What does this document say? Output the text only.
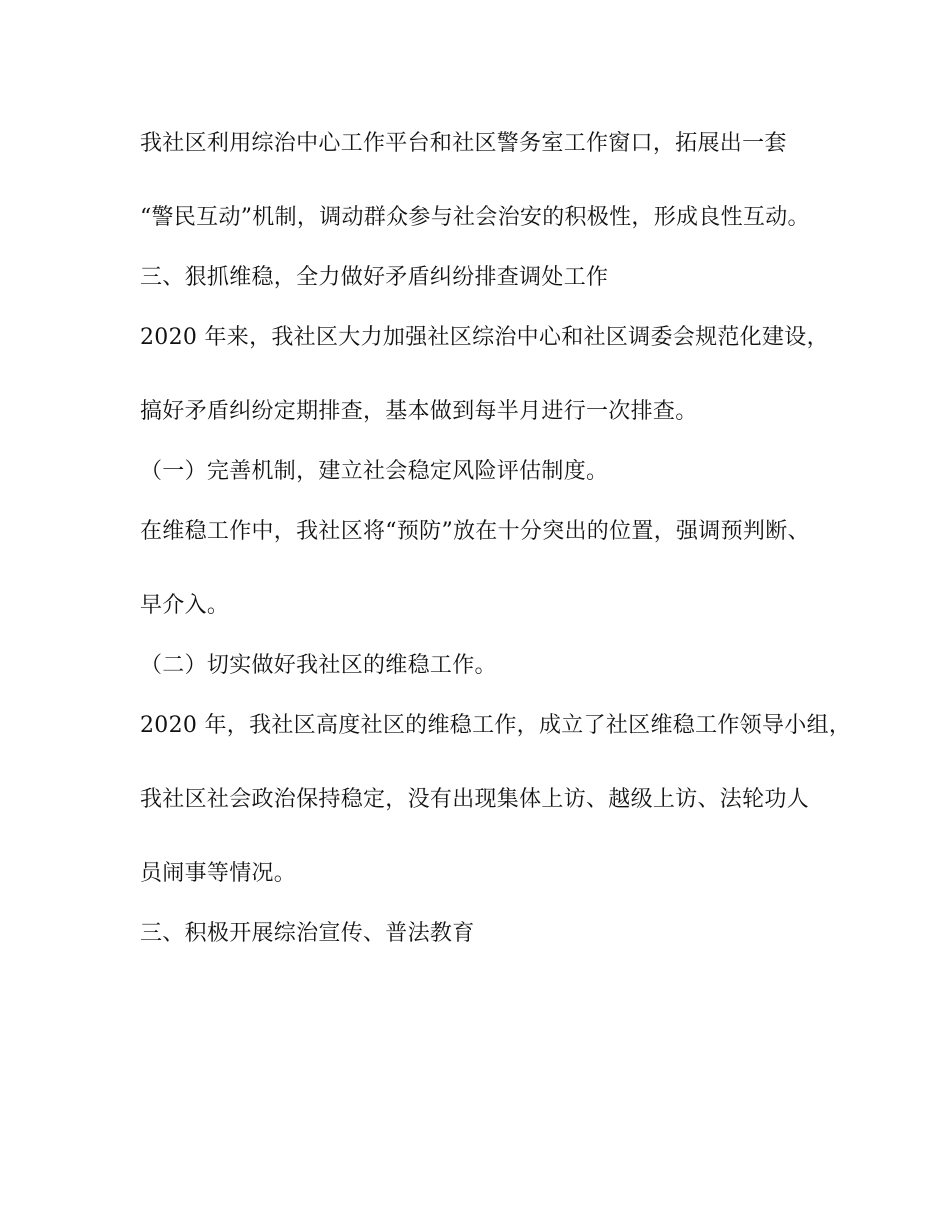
我社区利用综治中心工作平台和社区警务室工作窗口，拓展出一套
“警民互动”机制，调动群众参与社会治安的积极性，形成良性互动。
三、狠抓维稳，全力做好矛盾纠纷排查调处工作
2020 年来，我社区大力加强社区综治中心和社区调委会规范化建设，
搞好矛盾纠纷定期排查，基本做到每半月进行一次排查。
（一）完善机制，建立社会稳定风险评估制度。
在维稳工作中，我社区将“预防”放在十分突出的位置，强调预判断、
早介入。
（二）切实做好我社区的维稳工作。
2020 年，我社区高度社区的维稳工作，成立了社区维稳工作领导小组，
我社区社会政治保持稳定，没有出现集体上访、越级上访、法轮功人
员闹事等情况。
三、积极开展综治宣传、普法教育
